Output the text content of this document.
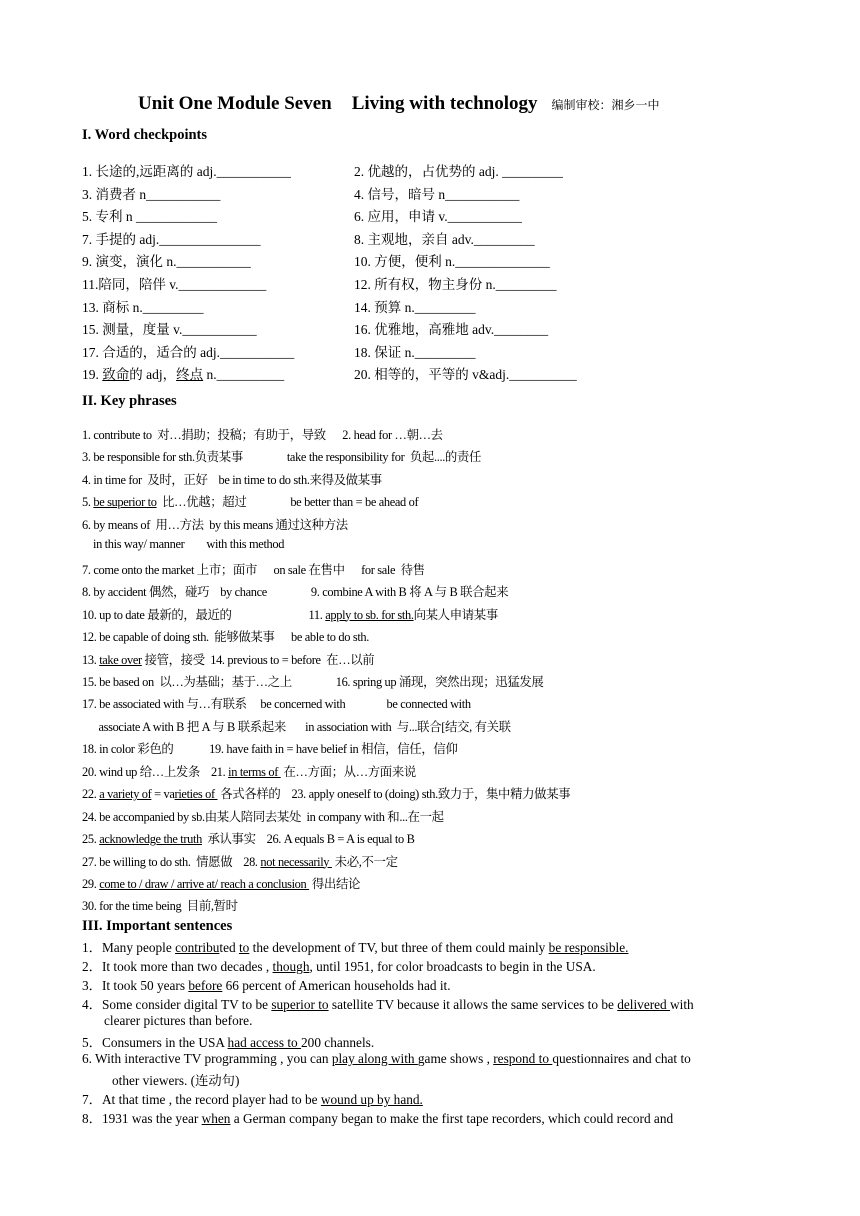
Unit One Module Seven Living with technology 编制审校：湘乡一中
I. Word checkpoints
1. 长途的,远距离的 adj.___________	2. 优越的，占优势的 adj. _________
3. 消费者 n___________	4. 信号，暗号 n___________
5. 专利 n ____________	6. 应用，申请 v.___________
7. 手提的 adj._______________	8. 主观地，亲自 adv._________
9. 演变，演化 n.___________	10. 方便，便利 n.______________
11.陪同，陪伴 v._____________	12. 所有权，物主身份 n._________
13. 商标 n._________	14. 预算 n._________
15. 测量，度量 v.___________	16. 优雅地，高雅地 adv.________
17. 合适的，适合的 adj.___________	18. 保证 n._________
19. 致命的 adj，终点 n.__________	20. 相等的，平等的 v&adj.__________
II. Key phrases
1. contribute to  对…捐助；投稿；有助于，导致      2. head for …朝…去
3. be responsible for sth.负责某事                take the responsibility for  负起....的责任
4. in time for  及时，正好    be in time to do sth.来得及做某事
5. be superior to  比…优越；超过                be better than = be ahead of
6. by means of  用…方法  by this means 通过这种方法
in this way/ manner        with this method
7. come onto the market 上市；面市      on sale 在售中      for sale  待售
8. by accident 偶然，碰巧    by chance                9. combine A with B 将 A 与 B 联合起来
10. up to date 最新的，最近的                            11. apply to sb. for sth.向某人申请某事
12. be capable of doing sth.  能够做某事      be able to do sth.
13. take over 接管，接受  14. previous to = before  在…以前
15. be based on  以…为基础；基于…之上                16. spring up 涌现，突然出现；迅猛发展
17. be associated with 与…有联系     be concerned with               be connected with
associate A with B 把 A 与 B 联系起来       in association with  与...联合[结交, 有关联
18. in color 彩色的             19. have faith in = have belief in 相信，信任，信仰
20. wind up 给…上发条    21. in terms of  在…方面；从…方面来说
22. a variety of = varieties of  各式各样的    23. apply oneself to (doing) sth.致力于，集中精力做某事
24. be accompanied by sb.由某人陪同去某处  in company with 和...在一起
25. acknowledge the truth  承认事实    26. A equals B = A is equal to B
27. be willing to do sth.  情愿做    28. not necessarily  未必,不一定
29. come to / draw / arrive at/ reach a conclusion  得出结论
30. for the time being  目前,暂时
III. Important sentences
1．Many people contributed to the development of TV, but three of them could mainly be responsible.
2．It took more than two decades , though, until 1951, for color broadcasts to begin in the USA.
3．It took 50 years before 66 percent of American households had it.
4．Some consider digital TV to be superior to satellite TV because it allows the same services to be delivered with
clearer pictures than before.
5．Consumers in the USA had access to 200 channels.
6. With interactive TV programming , you can play along with game shows , respond to questionnaires and chat to
other viewers. (连动句)
7．At that time , the record player had to be wound up by hand.
8．1931 was the year when a German company began to make the first tape recorders, which could record and
